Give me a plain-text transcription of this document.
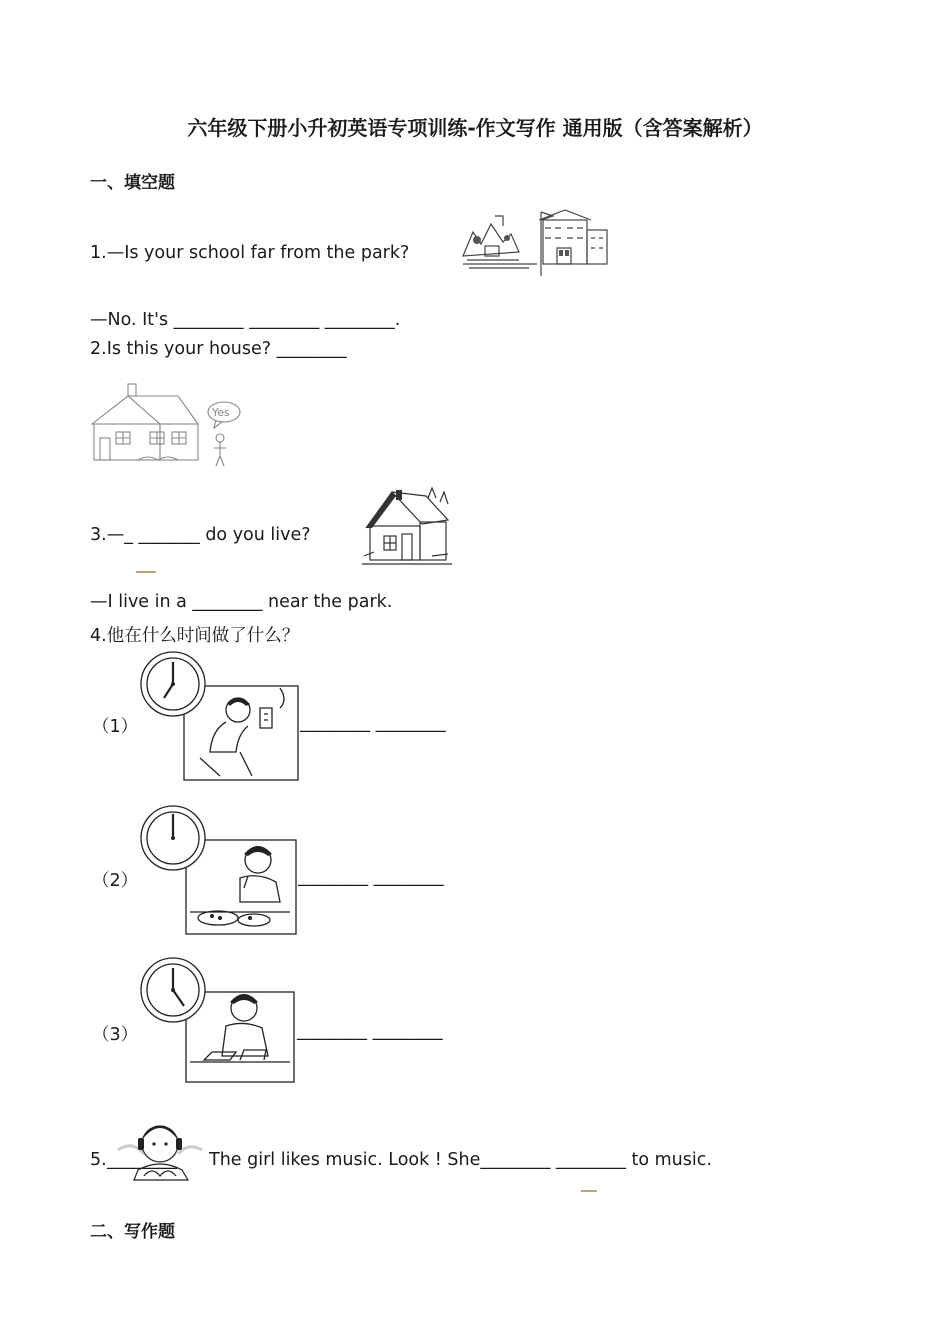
六年级下册小升初英语专项训练-作文写作 通用版（含答案解析）
一、填空题
1.—Is your school far from the park?
—No. It's ________ ________ ________.
2.Is this your house? ________
Yes
3.—_ _______ do you live?
—I live in a ________ near the park.
4.他在什么时间做了什么？
（1）	________ ________
（2）	________ ________
（3）	________ ________
5. ________ The girl likes music. Look ! She________ ________ to music.
二、写作题
